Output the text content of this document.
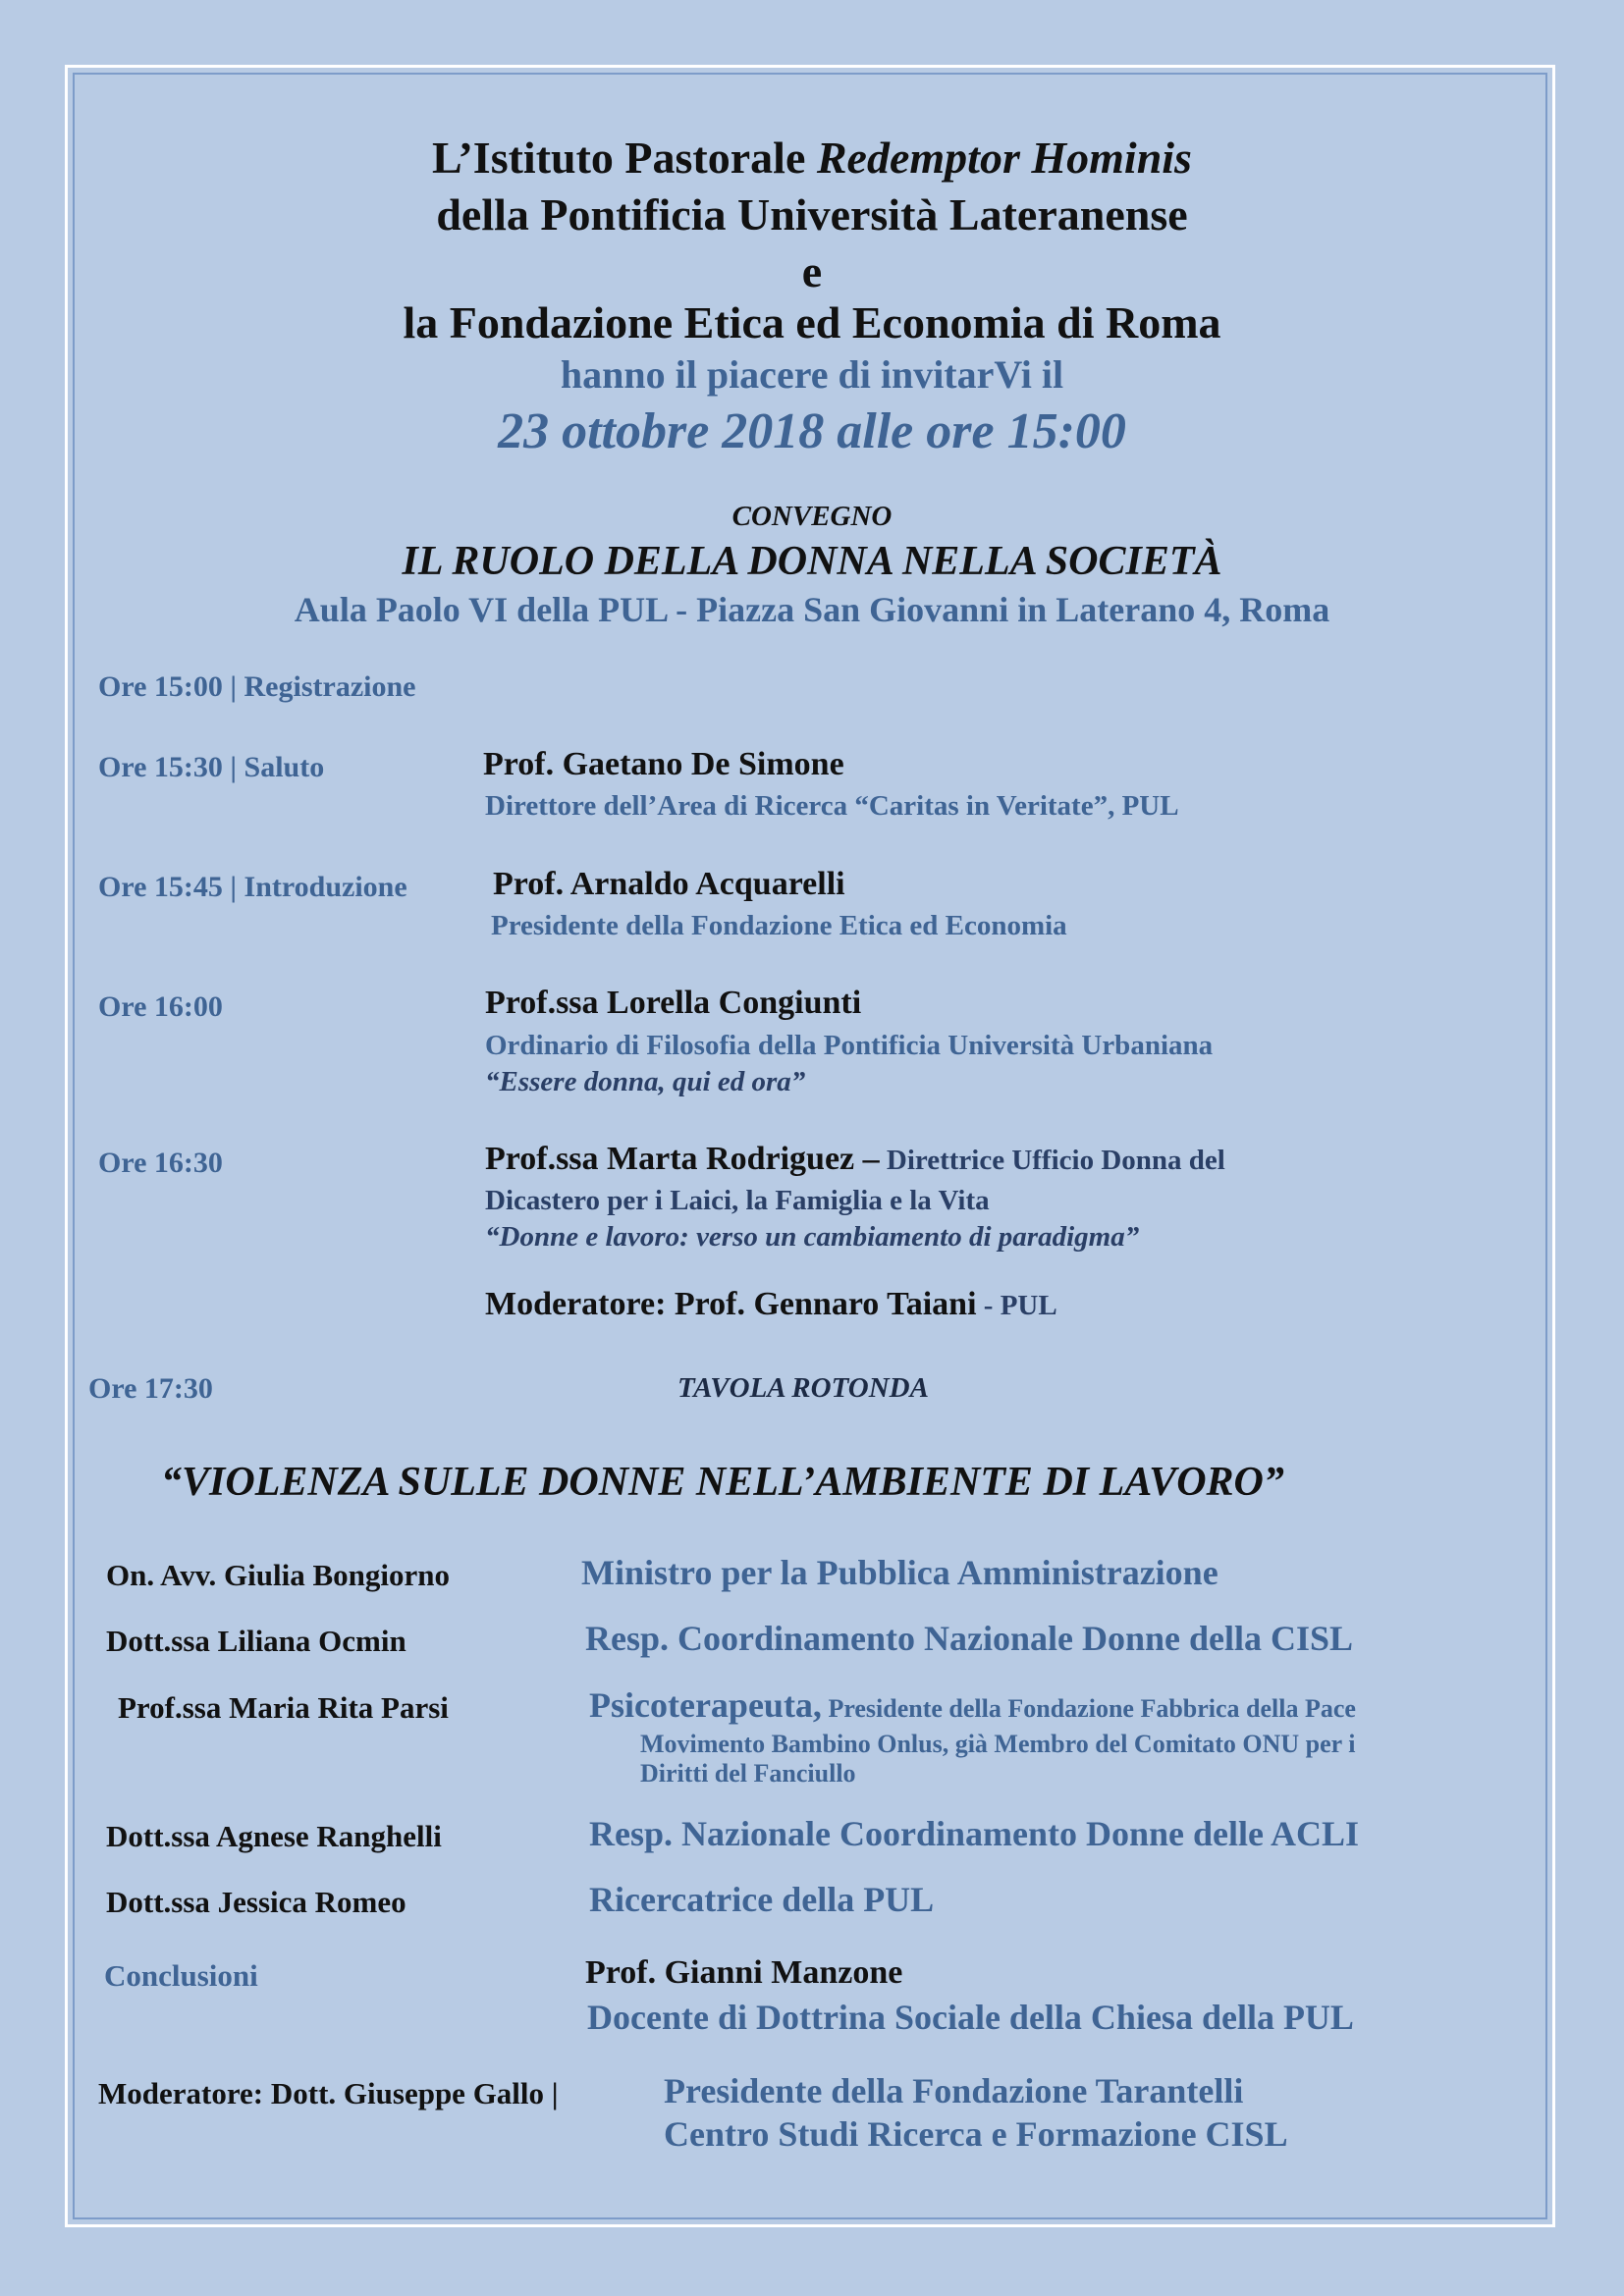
L’Istituto Pastorale Redemptor Hominis
della Pontificia Università Lateranense
e
la Fondazione Etica ed Economia di Roma
hanno il piacere di invitarVi il
23 ottobre 2018 alle ore 15:00
CONVEGNO
IL RUOLO DELLA DONNA NELLA SOCIETÀ
Aula Paolo VI della PUL - Piazza San Giovanni in Laterano 4, Roma
Ore 15:00 | Registrazione
Ore 15:30 | Saluto	Prof. Gaetano De Simone
Direttore dell’Area di Ricerca “Caritas in Veritate”, PUL
Ore 15:45 | Introduzione	Prof. Arnaldo Acquarelli
Presidente della Fondazione Etica ed Economia
Ore 16:00	Prof.ssa Lorella Congiunti
Ordinario di Filosofia della Pontificia Università Urbaniana
“Essere donna, qui ed ora”
Ore 16:30	Prof.ssa Marta Rodriguez – Direttrice Ufficio Donna del
Dicastero per i Laici, la Famiglia e la Vita
“Donne e lavoro: verso un cambiamento di paradigma”
Moderatore: Prof. Gennaro Taiani - PUL
Ore 17:30	TAVOLA ROTONDA
“VIOLENZA SULLE DONNE NELL’AMBIENTE DI LAVORO”
On. Avv. Giulia Bongiorno	Ministro per la Pubblica Amministrazione
Dott.ssa Liliana Ocmin	Resp. Coordinamento Nazionale Donne della CISL
Prof.ssa Maria Rita Parsi	Psicoterapeuta, Presidente della Fondazione Fabbrica della Pace
Movimento Bambino Onlus, già Membro del Comitato ONU per i
Diritti del Fanciullo
Dott.ssa Agnese Ranghelli	Resp. Nazionale Coordinamento Donne delle ACLI
Dott.ssa Jessica Romeo	Ricercatrice della PUL
Conclusioni	Prof. Gianni Manzone
Docente di Dottrina Sociale della Chiesa della PUL
Moderatore: Dott. Giuseppe Gallo |	Presidente della Fondazione Tarantelli
Centro Studi Ricerca e Formazione CISL
